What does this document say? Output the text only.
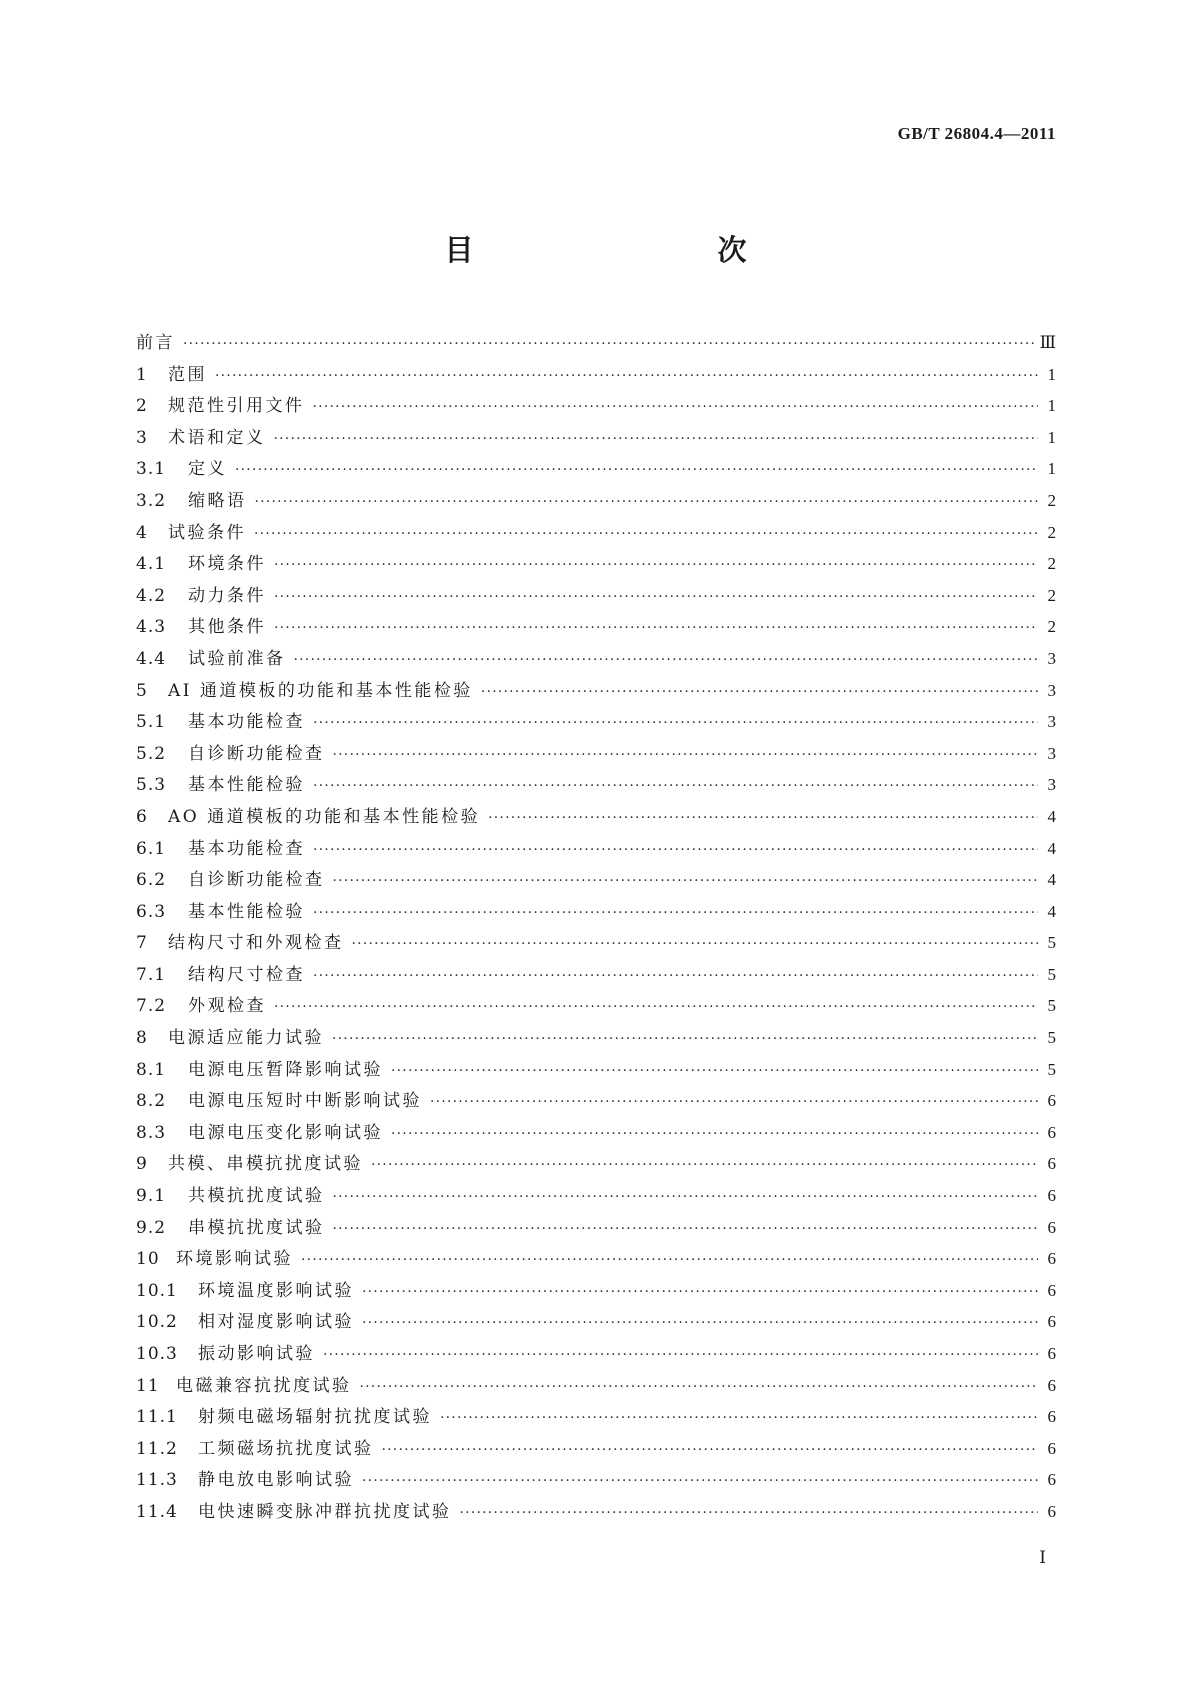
GB/T 26804.4—2011
目　　次
前言 ·····	Ⅲ
1	范围 ·····	1
2	规范性引用文件 ·····	1
3	术语和定义 ·····	1
3.1	定义 ·····	1
3.2	缩略语 ·····	2
4	试验条件 ·····	2
4.1	环境条件 ·····	2
4.2	动力条件 ·····	2
4.3	其他条件 ·····	2
4.4	试验前准备 ·····	3
5	AI 通道模板的功能和基本性能检验 ·····	3
5.1	基本功能检查 ·····	3
5.2	自诊断功能检查 ·····	3
5.3	基本性能检验 ·····	3
6	AO 通道模板的功能和基本性能检验 ·····	4
6.1	基本功能检查 ·····	4
6.2	自诊断功能检查 ·····	4
6.3	基本性能检验 ·····	4
7	结构尺寸和外观检查 ·····	5
7.1	结构尺寸检查 ·····	5
7.2	外观检查 ·····	5
8	电源适应能力试验 ·····	5
8.1	电源电压暂降影响试验 ·····	5
8.2	电源电压短时中断影响试验 ·····	6
8.3	电源电压变化影响试验 ·····	6
9	共模、串模抗扰度试验 ·····	6
9.1	共模抗扰度试验 ·····	6
9.2	串模抗扰度试验 ·····	6
10 环境影响试验 ·····	6
10.1	环境温度影响试验 ·····	6
10.2	相对湿度影响试验 ·····	6
10.3	振动影响试验 ·····	6
11 电磁兼容抗扰度试验 ·····	6
11.1	射频电磁场辐射抗扰度试验 ·····	6
11.2	工频磁场抗扰度试验 ·····	6
11.3	静电放电影响试验 ·····	6
11.4	电快速瞬变脉冲群抗扰度试验 ·····	6
Ⅰ
